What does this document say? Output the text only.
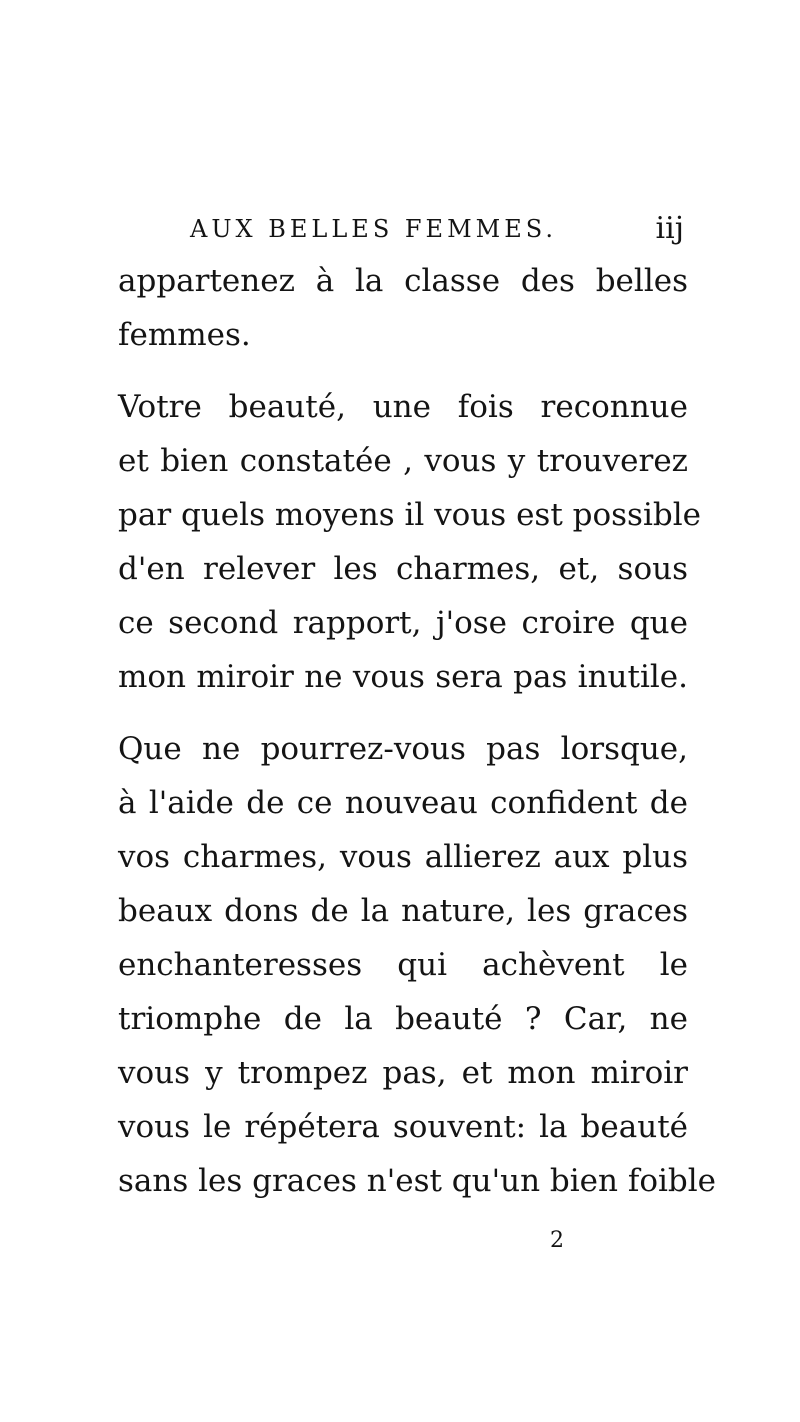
AUX BELLES FEMMES.	iij

appartenez à la classe des belles
femmes.

Votre beauté, une fois reconnue
et bien constatée , vous y trouverez
par quels moyens il vous est possible
d'en relever les charmes, et, sous
ce second rapport, j'ose croire que
mon miroir ne vous sera pas inutile.

Que ne pourrez-vous pas lorsque,
à l'aide de ce nouveau confident de
vos charmes, vous allierez aux plus
beaux dons de la nature, les graces
enchanteresses qui achèvent le
triomphe de la beauté ? Car, ne
vous y trompez pas, et mon miroir
vous le répétera souvent: la beauté
sans les graces n'est qu'un bien foible

2
